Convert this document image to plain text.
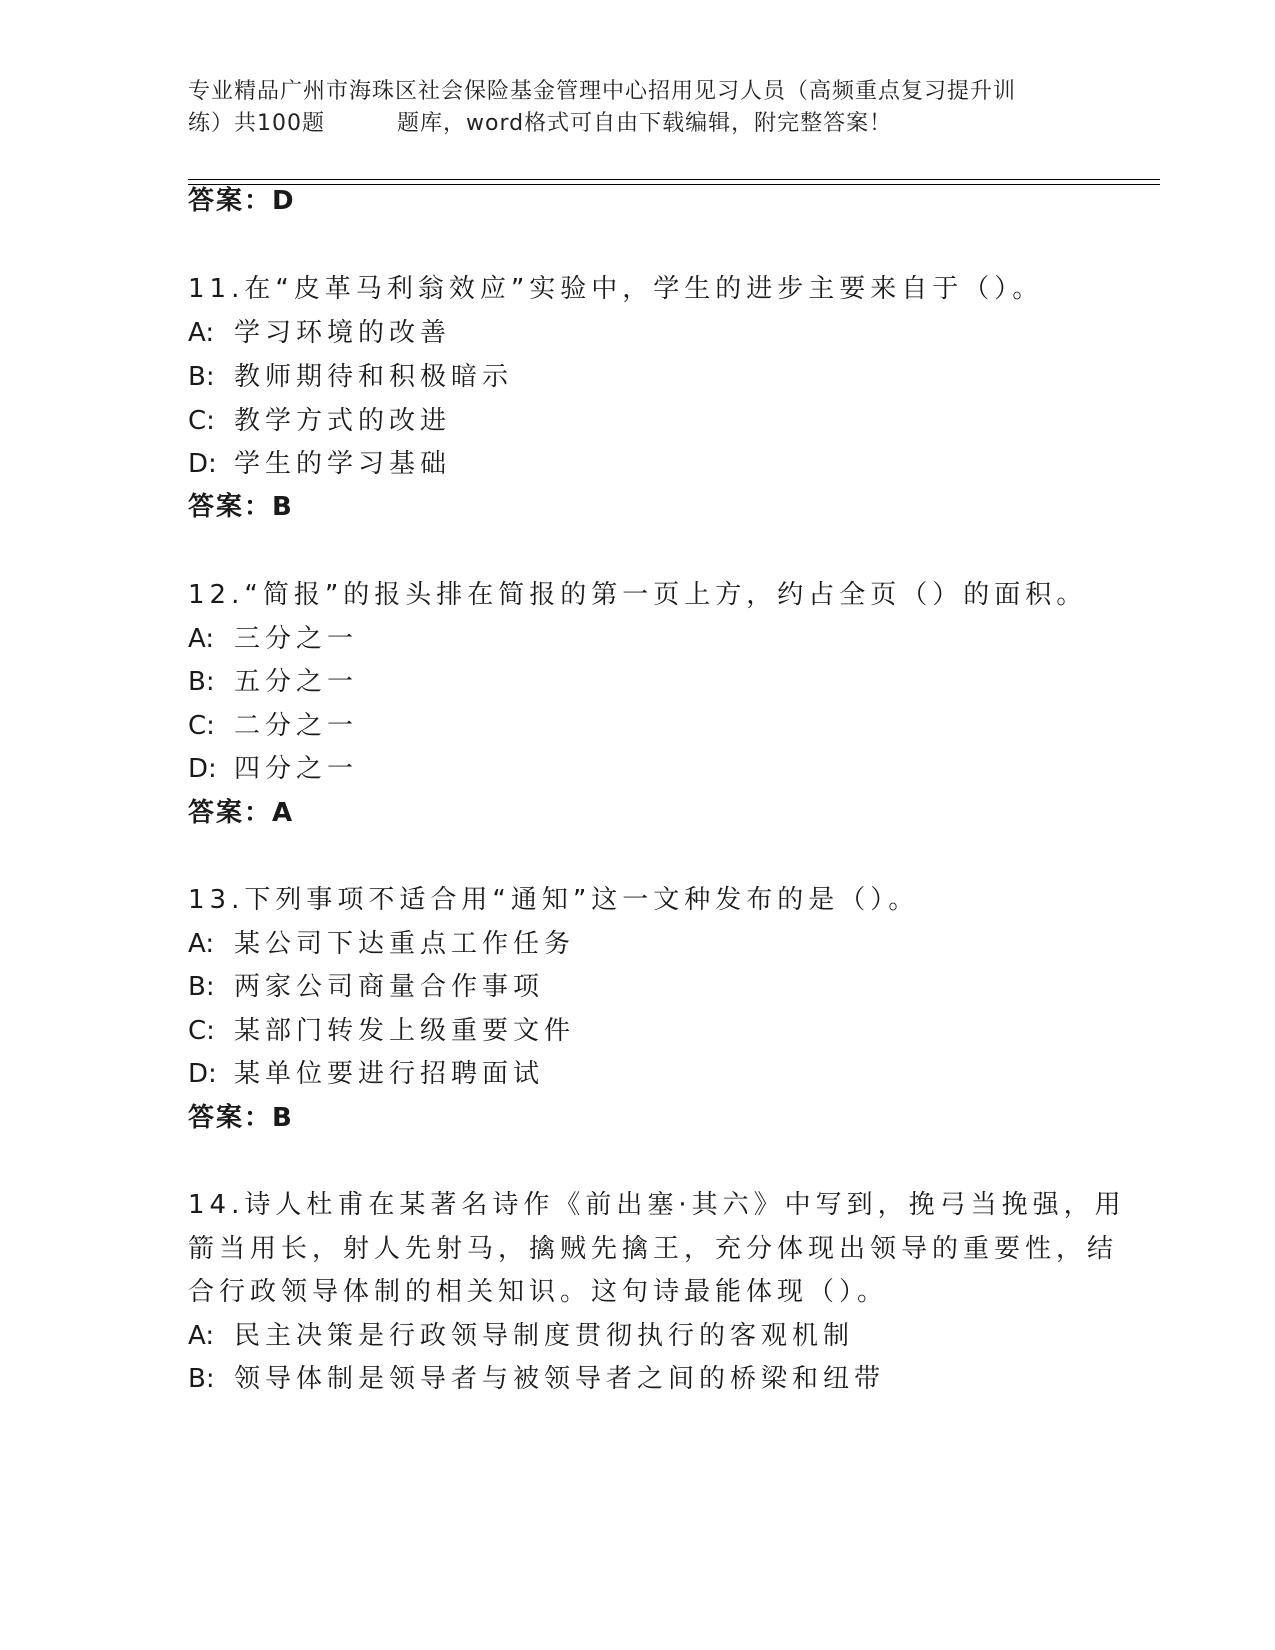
专业精品广州市海珠区社会保险基金管理中心招用见习人员（高频重点复习提升训
练）共100题	题库，word格式可自由下载编辑，附完整答案！
答案：D
11.在“皮革马利翁效应”实验中，学生的进步主要来自于（）。
A: 学习环境的改善
B: 教师期待和积极暗示
C: 教学方式的改进
D: 学生的学习基础
答案：B
12.“简报”的报头排在简报的第一页上方，约占全页（）的面积。
A: 三分之一
B: 五分之一
C: 二分之一
D: 四分之一
答案：A
13.下列事项不适合用“通知”这一文种发布的是（）。
A: 某公司下达重点工作任务
B: 两家公司商量合作事项
C: 某部门转发上级重要文件
D: 某单位要进行招聘面试
答案：B
14.诗人杜甫在某著名诗作《前出塞·其六》中写到，挽弓当挽强，用
箭当用长，射人先射马，擒贼先擒王，充分体现出领导的重要性，结
合行政领导体制的相关知识。这句诗最能体现（）。
A: 民主决策是行政领导制度贯彻执行的客观机制
B: 领导体制是领导者与被领导者之间的桥梁和纽带
